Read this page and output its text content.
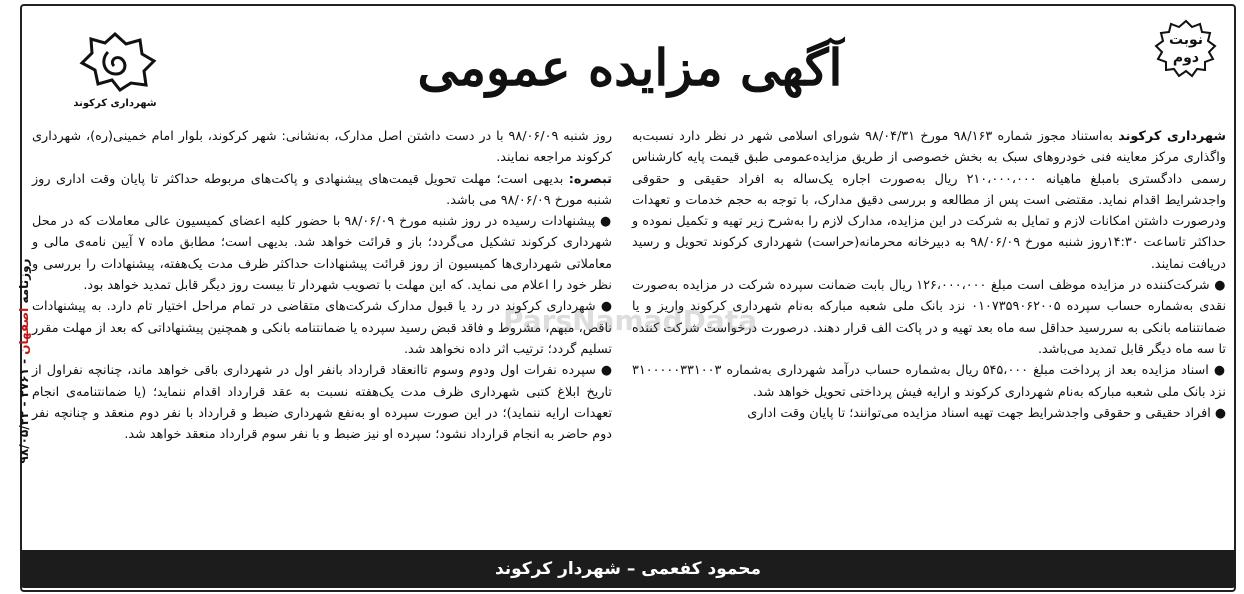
روزنامه اصفهان - ۲۷۶۱ - ۹۸/۰۵/۲۲
نوبت
دوم
آگهی مزایده عمومی
شهرداری کرکوند

شهرداری کرکوند به‌استناد مجوز شماره ۹۸/۱۶۳ مورخ ۹۸/۰۴/۳۱ شورای اسلامی شهر در نظر دارد نسبت‌به واگذاری مرکز معاینه فنی خودروهای سبک به بخش خصوصی از طریق مزایده‌عمومی طبق قیمت پایه کارشناس رسمی دادگستری بامبلغ ماهیانه ۲۱۰،۰۰۰،۰۰۰ ریال به‌صورت اجاره یک‌ساله به افراد حقیقی و حقوقی واجدشرایط اقدام نماید. مقتضی است پس از مطالعه و بررسی دقیق مدارک، با توجه به حجم خدمات و تعهدات ودرصورت داشتن امکانات لازم و تمایل به شرکت در این مزایده، مدارک لازم را به‌شرح زیر تهیه و تکمیل نموده و حداکثر تاساعت ۱۴:۳۰روز شنبه مورخ ۹۸/۰۶/۰۹ به دبیرخانه محرمانه(حراست) شهرداری کرکوند تحویل و رسید دریافت نمایند.

● شرکت‌کننده در مزایده موظف است مبلغ ۱۲۶،۰۰۰،۰۰۰ ریال بابت ضمانت سپرده شرکت در مزایده به‌صورت نقدی به‌شماره حساب سپرده ۰۱۰۷۳۵۹۰۶۲۰۰۵ نزد بانک ملی شعبه مبارکه به‌نام شهرداری کرکوند واریز و یا ضمانتنامه بانکی به سررسید حداقل سه ماه بعد تهیه و در پاکت الف قرار دهند. درصورت درخواست شرکت کننده تا سه ماه دیگر قابل تمدید می‌باشد.

● اسناد مزایده بعد از پرداخت مبلغ ۵۴۵،۰۰۰ ریال به‌شماره حساب درآمد شهرداری به‌شماره ۳۱۰۰۰۰۰۳۳۱۰۰۳ نزد بانک ملی شعبه مبارکه به‌نام شهرداری کرکوند و ارایه فیش پرداختی تحویل خواهد شد.

● افراد حقیقی و حقوقی واجدشرایط جهت تهیه اسناد مزایده می‌توانند؛ تا پایان وقت اداری

روز شنبه ۹۸/۰۶/۰۹ با در دست داشتن اصل مدارک، به‌نشانی: شهر کرکوند، بلوار امام خمینی(ره)، شهرداری کرکوند مراجعه نمایند.

تبصره: بدیهی است؛ مهلت تحویل قیمت‌های پیشنهادی و پاکت‌های مربوطه حداکثر تا پایان وقت اداری روز شنبه مورخ ۹۸/۰۶/۰۹ می باشد.

● پیشنهادات رسیده در روز شنبه مورخ ۹۸/۰۶/۰۹ با حضور کلیه اعضای کمیسیون عالی معاملات که در محل شهرداری کرکوند تشکیل می‌گردد؛ باز و قرائت خواهد شد. بدیهی است؛ مطابق ماده ۷ آیین نامه‌ی مالی و معاملاتی شهرداری‌ها کمیسیون از روز قرائت پیشنهادات حداکثر ظرف مدت یک‌هفته، پیشنهادات را بررسی و نظر خود را اعلام می نماید. که این مهلت با تصویب شهردار تا بیست روز دیگر قابل تمدید خواهد بود.

● شهرداری کرکوند در رد یا قبول مدارک شرکت‌های متقاضی در تمام مراحل اختیار تام دارد. به پیشنهادات ناقص، مبهم، مشروط و فاقد قبض رسید سپرده یا ضمانتنامه بانکی و همچنین پیشنهاداتی که بعد از مهلت مقرر تسلیم گردد؛ ترتیب اثر داده نخواهد شد.

● سپرده نفرات اول ودوم وسوم تاانعقاد قرارداد بانفر اول در شهرداری باقی خواهد ماند، چنانچه نفراول از تاریخ ابلاغ کتبی شهرداری ظرف مدت یک‌هفته نسبت به عقد قرارداد اقدام ننماید؛ (یا ضمانتنامه‌ی انجام تعهدات ارایه ننماید)؛ در این صورت سپرده او به‌نفع شهرداری ضبط و قرارداد با نفر دوم منعقد و چنانچه نفر دوم حاضر به انجام قرارداد نشود؛ سپرده او نیز ضبط و با نفر سوم قرارداد منعقد خواهد شد.

ParsNamadData
محمود کفعمی – شهردار کرکوند
